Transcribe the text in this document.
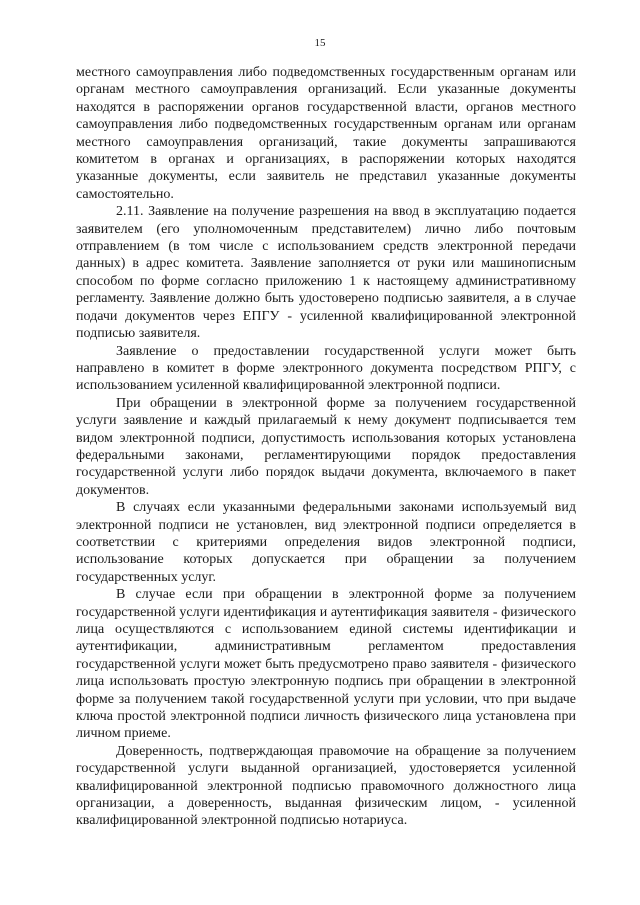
15

местного самоуправления либо подведомственных государственным органам или органам местного самоуправления организаций. Если указанные документы находятся в распоряжении органов государственной власти, органов местного самоуправления либо подведомственных государственным органам или органам местного самоуправления организаций, такие документы запрашиваются комитетом в органах и организациях, в распоряжении которых находятся указанные документы, если заявитель не представил указанные документы самостоятельно.

2.11. Заявление на получение разрешения на ввод в эксплуатацию подается заявителем (его уполномоченным представителем) лично либо почтовым отправлением (в том числе с использованием средств электронной передачи данных) в адрес комитета. Заявление заполняется от руки или машинописным способом по форме согласно приложению 1 к настоящему административному регламенту. Заявление должно быть удостоверено подписью заявителя, а в случае подачи документов через ЕПГУ - усиленной квалифицированной электронной подписью заявителя.

Заявление о предоставлении государственной услуги может быть направлено в комитет в форме электронного документа посредством РПГУ, с использованием усиленной квалифицированной электронной подписи.

При обращении в электронной форме за получением государственной услуги заявление и каждый прилагаемый к нему документ подписывается тем видом электронной подписи, допустимость использования которых установлена федеральными законами, регламентирующими порядок предоставления государственной услуги либо порядок выдачи документа, включаемого в пакет документов.

В случаях если указанными федеральными законами используемый вид электронной подписи не установлен, вид электронной подписи определяется в соответствии с критериями определения видов электронной подписи, использование которых допускается при обращении за получением государственных услуг.

В случае если при обращении в электронной форме за получением государственной услуги идентификация и аутентификация заявителя - физического лица осуществляются с использованием единой системы идентификации и аутентификации, административным регламентом предоставления государственной услуги может быть предусмотрено право заявителя - физического лица использовать простую электронную подпись при обращении в электронной форме за получением такой государственной услуги при условии, что при выдаче ключа простой электронной подписи личность физического лица установлена при личном приеме.

Доверенность, подтверждающая правомочие на обращение за получением государственной услуги выданной организацией, удостоверяется усиленной квалифицированной электронной подписью правомочного должностного лица организации, а доверенность, выданная физическим лицом, - усиленной квалифицированной электронной подписью нотариуса.
